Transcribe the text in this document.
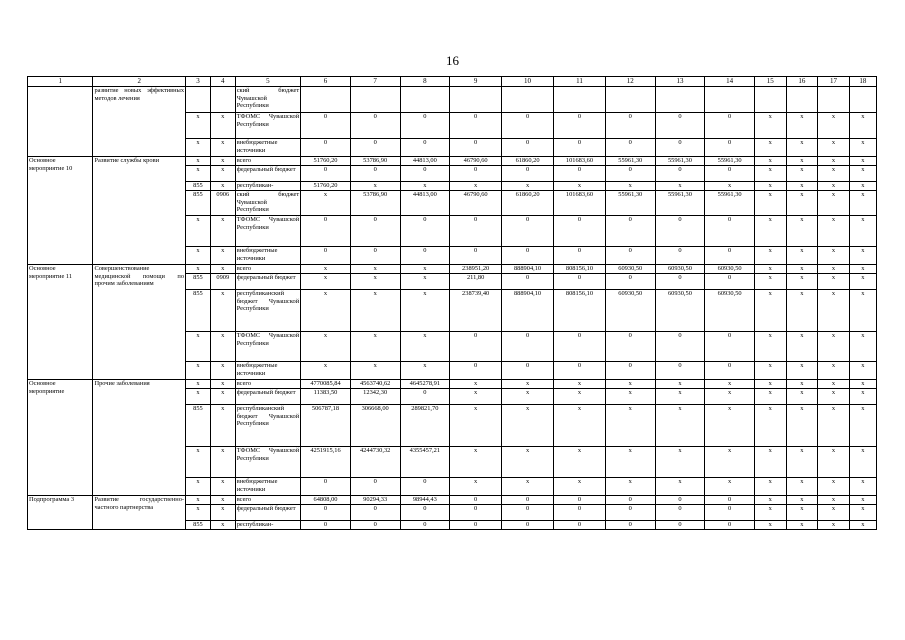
16
1	2	3	4	5	6	7	8	9	10	11	12	13	14	15	16	17	18
	развитие новых эффективных методов лечения			ский бюджет Чувашской Республики													
		x	x	ТФОМС Чувашской Республики	0	0	0	0	0	0	0	0	0	x	x	x	x
		x	x	внебюджетные источники	0	0	0	0	0	0	0	0	0	x	x	x	x
Основное мероприятие 10	Развитие службы крови	x	x	всего	51760,20	53786,90	44813,00	46790,60	61860,20	101683,60	55961,30	55961,30	55961,30	x	x	x	x
		x	x	федеральный бюджет	0	0	0	0	0	0	0	0	0	x	x	x	x
		855	x	республикан-	51760,20	x	x	x	x	x	x	x	x	x	x	x	x
		855	0906	ский бюджет Чувашской Республики	x	53786,90	44813,00	46790,60	61860,20	101683,60	55961,30	55961,30	55961,30	x	x	x	x
		x	x	ТФОМС Чувашской Республики	0	0	0	0	0	0	0	0	0	x	x	x	x
		x	x	внебюджетные источники	0	0	0	0	0	0	0	0	0	x	x	x	x
Основное мероприятие 11	Совершенствование медицинской помощи по прочим заболеваниям	x	x	всего	x	x	x	238951,20	888904,10	808156,10	60930,50	60930,50	60930,50	x	x	x	x
		855	0909	федеральный бюджет	x	x	x	211,80	0	0	0	0	0	x	x	x	x
		855	x	республиканский бюджет Чувашской Республики	x	x	x	238739,40	888904,10	808156,10	60930,50	60930,50	60930,50	x	x	x	x
		x	x	ТФОМС Чувашской Республики	x	x	x	0	0	0	0	0	0	x	x	x	x
		x	x	внебюджетные источники	x	x	x	0	0	0	0	0	0	x	x	x	x
Основное мероприятие	Прочие заболевания	x	x	всего	4770085,84	4563740,62	4645278,91	x	x	x	x	x	x	x	x	x	x
		x	x	федеральный бюджет	11383,50	12342,30	0	x	x	x	x	x	x	x	x	x	x
		855	x	республиканский бюджет Чувашской Республики	506787,18	306668,00	289821,70	x	x	x	x	x	x	x	x	x	x
		x	x	ТФОМС Чувашской Республики	4251915,16	4244730,32	4355457,21	x	x	x	x	x	x	x	x	x	x
		x	x	внебюджетные источники	0	0	0	x	x	x	x	x	x	x	x	x	x
Подпрограмма 3	Развитие государственно-частного партнерства	x	x	всего	64808,00	90294,33	98944,43	0	0	0	0	0	0	x	x	x	x
		x	x	федеральный бюджет	0	0	0	0	0	0	0	0	0	x	x	x	x
		855	x	республикан-	0	0	0	0	0	0	0	0	0	x	x	x	x
